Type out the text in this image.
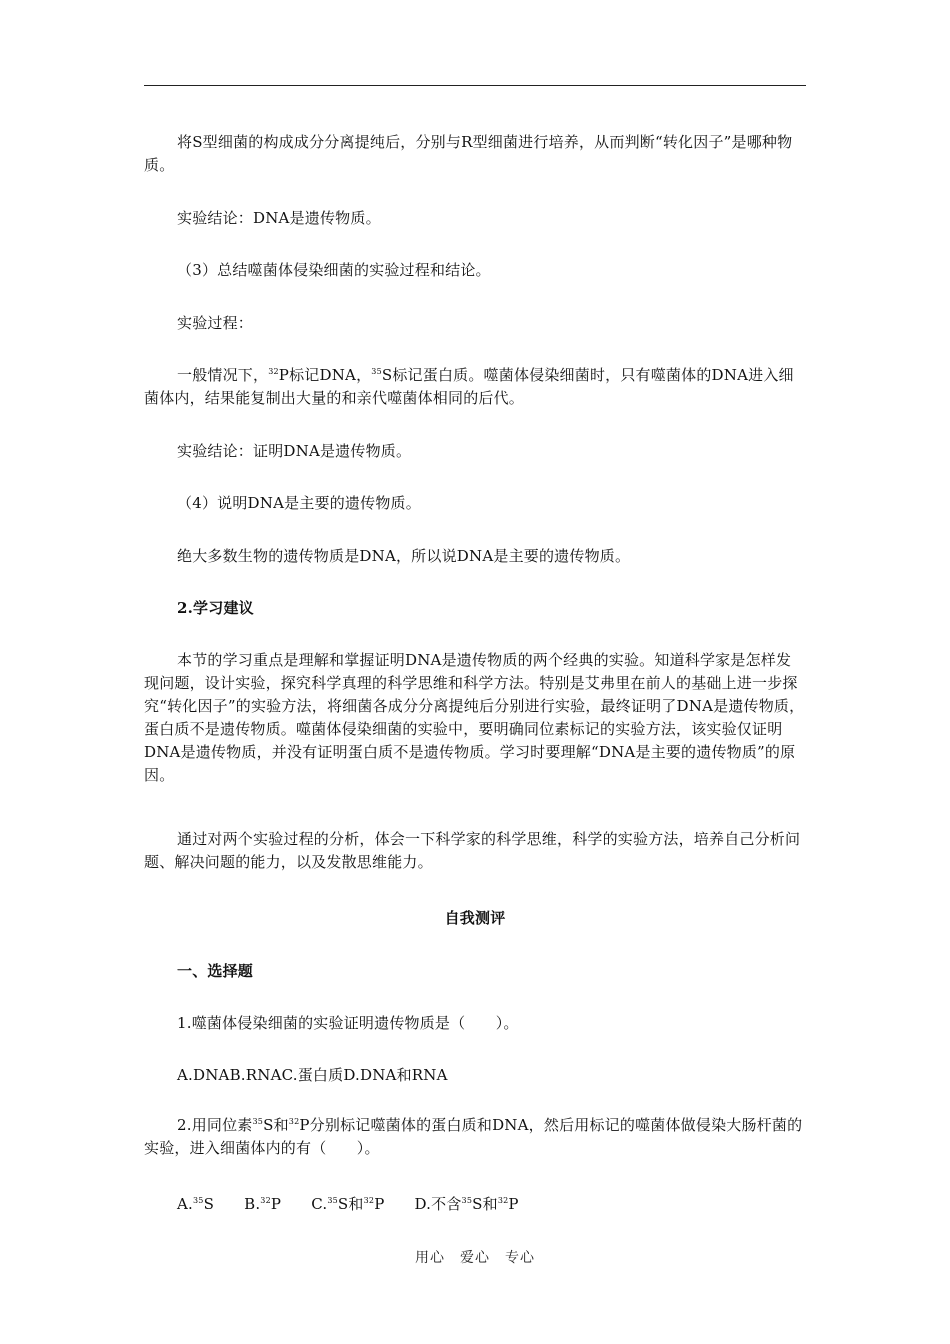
将S型细菌的构成成分分离提纯后，分别与R型细菌进行培养，从而判断“转化因子”是哪种物质。

实验结论：DNA是遗传物质。

（3）总结噬菌体侵染细菌的实验过程和结论。

实验过程：

一般情况下，$^{32}$P标记DNA，$^{35}$S标记蛋白质。噬菌体侵染细菌时，只有噬菌体的DNA进入细菌体内，结果能复制出大量的和亲代噬菌体相同的后代。

实验结论：证明DNA是遗传物质。

（4）说明DNA是主要的遗传物质。

绝大多数生物的遗传物质是DNA，所以说DNA是主要的遗传物质。

2.学习建议

本节的学习重点是理解和掌握证明DNA是遗传物质的两个经典的实验。知道科学家是怎样发现问题，设计实验，探究科学真理的科学思维和科学方法。特别是艾弗里在前人的基础上进一步探究“转化因子”的实验方法，将细菌各成分分离提纯后分别进行实验，最终证明了DNA是遗传物质，蛋白质不是遗传物质。噬菌体侵染细菌的实验中，要明确同位素标记的实验方法，该实验仅证明DNA是遗传物质，并没有证明蛋白质不是遗传物质。学习时要理解“DNA是主要的遗传物质”的原因。

通过对两个实验过程的分析，体会一下科学家的科学思维，科学的实验方法，培养自己分析问题、解决问题的能力，以及发散思维能力。

自我测评

一、选择题

1.噬菌体侵染细菌的实验证明遗传物质是（　　）。

A.DNAB.RNAC.蛋白质D.DNA和RNA

2.用同位素$^{35}$S和$^{32}$P分别标记噬菌体的蛋白质和DNA，然后用标记的噬菌体做侵染大肠杆菌的实验，进入细菌体内的有（　　）。

A.$^{35}$S B.$^{32}$P C.$^{35}$S和$^{32}$P D.不含$^{35}$S和$^{32}$P

用心　爱心　专心
